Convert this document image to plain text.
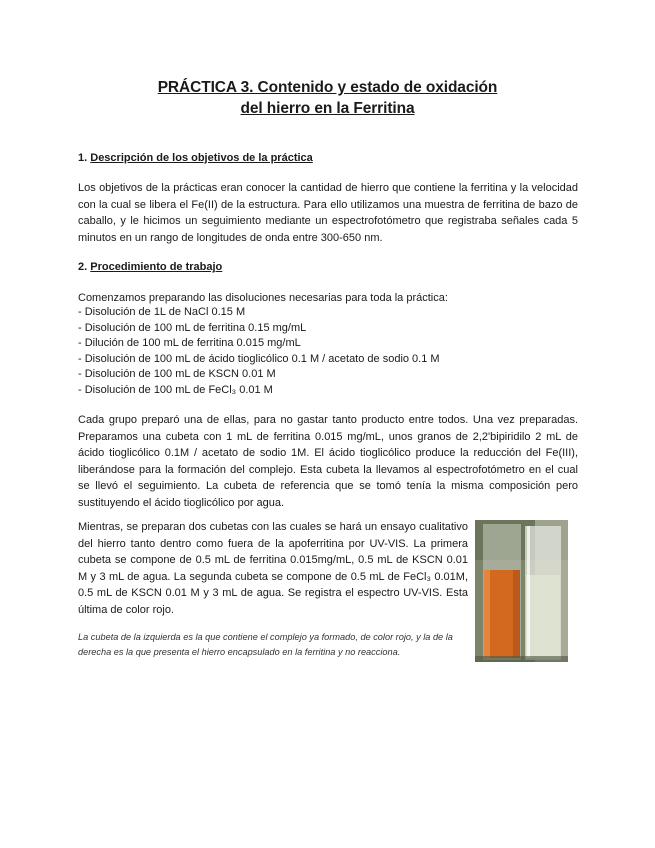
PRÁCTICA 3. Contenido y estado de oxidación
del hierro en la Ferritina
1. Descripción de los objetivos de la práctica

Los objetivos de la prácticas eran conocer la cantidad de hierro que contiene la ferritina y la velocidad con la cual se libera el Fe(II) de la estructura. Para ello utilizamos una muestra de ferritina de bazo de caballo, y le hicimos un seguimiento mediante un espectrofotómetro que registraba señales cada 5 minutos en un rango de longitudes de onda entre 300-650 nm.

2. Procedimiento de trabajo

Comenzamos preparando las disoluciones necesarias para toda la práctica:

- Disolución de 1L de NaCl 0.15 M
- Disolución de 100 mL de ferritina 0.15 mg/mL
- Dilución de 100 mL de ferritina 0.015 mg/mL
- Disolución de 100 mL de ácido tioglicólico 0.1 M / acetato de sodio 0.1 M
- Disolución de 100 mL de KSCN 0.01 M
- Disolución de 100 mL de FeCl₃ 0.01 M

Cada grupo preparó una de ellas, para no gastar tanto producto entre todos. Una vez preparadas. Preparamos una cubeta con 1 mL de ferritina 0.015 mg/mL, unos granos de 2,2'bipiridilo 2 mL de ácido tioglicólico 0.1M / acetato de sodio 1M. El ácido tioglicólico produce la reducción del Fe(III), liberándose para la formación del complejo. Esta cubeta la llevamos al espectrofotómetro en el cual se llevó el seguimiento. La cubeta de referencia que se tomó tenía la misma composición pero sustituyendo el ácido tioglicólico por agua.

Mientras, se preparan dos cubetas con las cuales se hará un ensayo cualitativo del hierro tanto dentro como fuera de la apoferritina por UV-VIS. La primera cubeta se compone de 0.5 mL de ferritina 0.015mg/mL, 0.5 mL de KSCN 0.01 M y 3 mL de agua. La segunda cubeta se compone de 0.5 mL de FeCl₃ 0.01M, 0.5 mL de KSCN 0.01 M y 3 mL de agua. Se registra el espectro UV-VIS. Esta última de color rojo.

La cubeta de la izquierda es la que contiene el complejo ya formado, de color rojo, y la de la derecha es la que presenta el hierro encapsulado en la ferritina y no reacciona.
